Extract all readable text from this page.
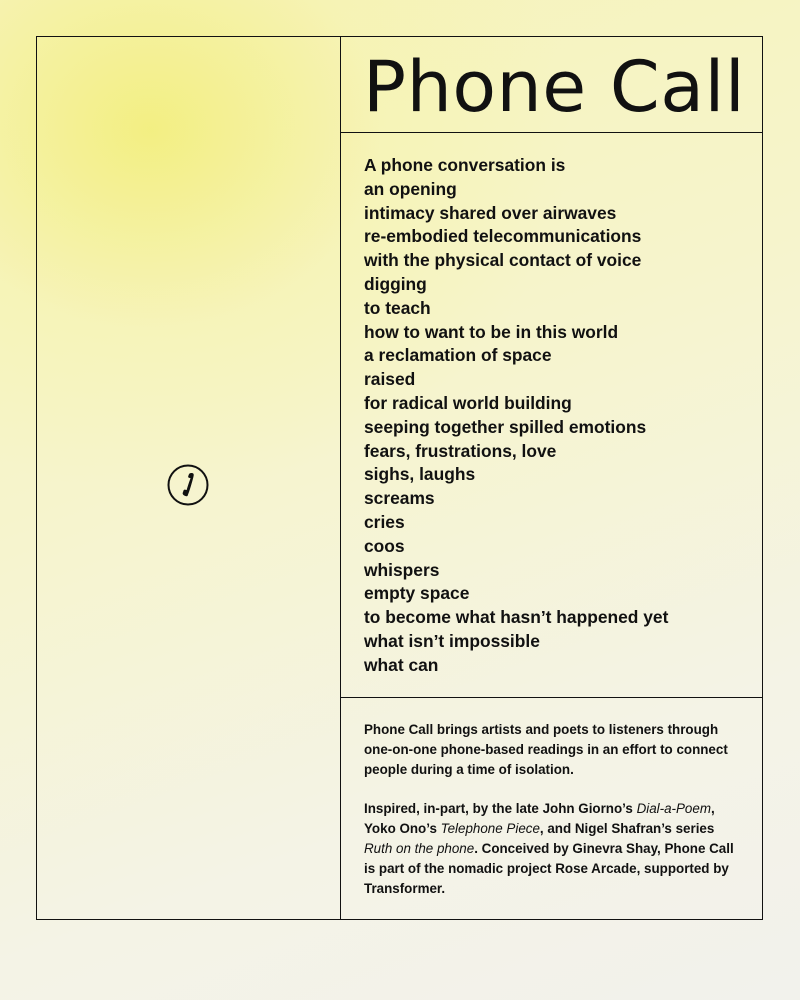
Phone Call
A phone conversation is
an opening
intimacy shared over airwaves
re-embodied telecommunications
with the physical contact of voice
digging
to teach
how to want to be in this world
a reclamation of space
raised
for radical world building
seeping together spilled emotions
fears, frustrations, love
sighs, laughs
screams
cries
coos
whispers
empty space
to become what hasn’t happened yet
what isn’t impossible
what can

Phone Call brings artists and poets to listeners through one-on-one phone-based readings in an effort to connect people during a time of isolation.

Inspired, in-part, by the late John Giorno’s Dial-a-Poem, Yoko Ono’s Telephone Piece, and Nigel Shafran’s series Ruth on the phone. Conceived by Ginevra Shay, Phone Call is part of the nomadic project Rose Arcade, supported by Transformer.
